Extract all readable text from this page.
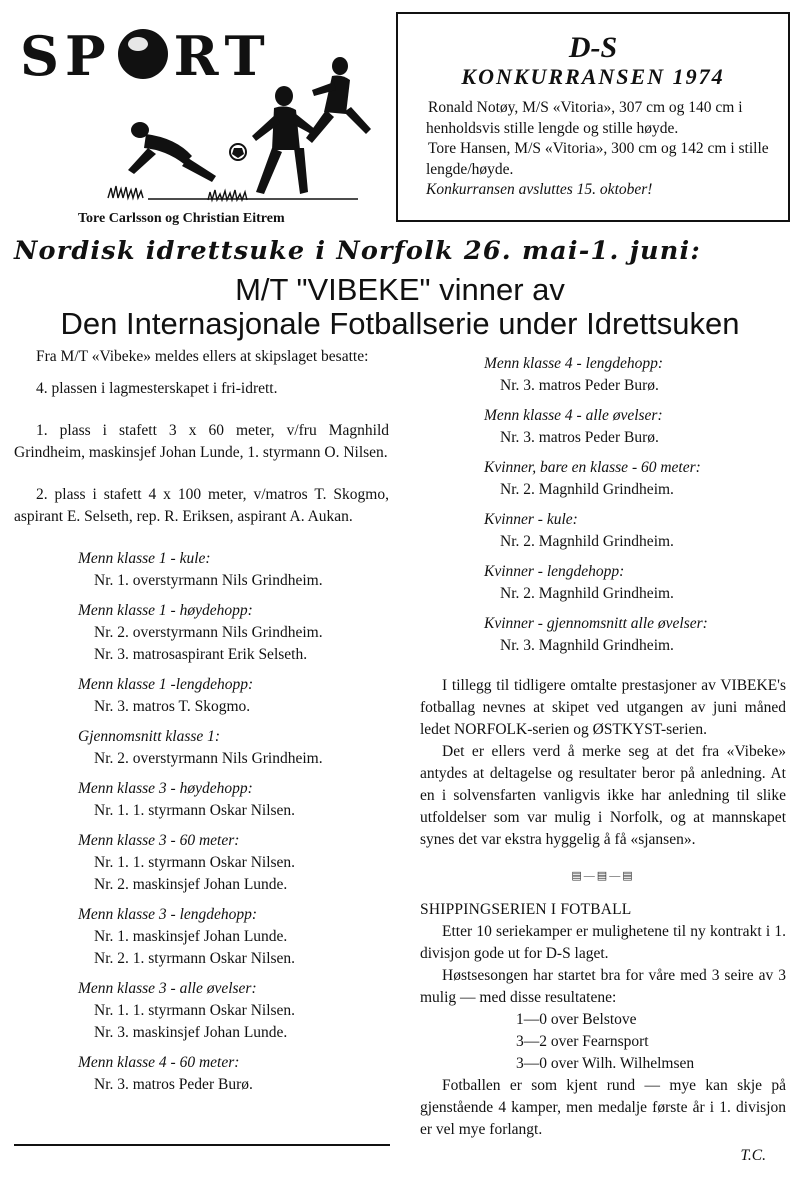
SP RT
Tore Carlsson og Christian Eitrem
D-S
KONKURRANSEN 1974

Ronald Notøy, M/S «Vitoria», 307 cm og 140 cm i henholdsvis stille lengde og stille høyde.

Tore Hansen, M/S «Vitoria», 300 cm og 142 cm i stille lengde/høyde.

Konkurransen avsluttes 15. oktober!

Nordisk idrettsuke i Norfolk 26. mai-1. juni:
M/T "VIBEKE" vinner av
Den Internasjonale Fotballserie under Idrettsuken

Fra M/T «Vibeke» meldes ellers at skipslaget besatte:

4. plassen i lagmesterskapet i fri-idrett.

1. plass i stafett 3 x 60 meter, v/fru Magnhild Grindheim, maskinsjef Johan Lunde, 1. styrmann O. Nilsen.

2. plass i stafett 4 x 100 meter, v/matros T. Skogmo, aspirant E. Selseth, rep. R. Eriksen, aspirant A. Aukan.

Menn klasse 1 - kule:
Nr. 1. overstyrmann Nils Grindheim.
Menn klasse 1 - høydehopp:
Nr. 2. overstyrmann Nils Grindheim.
Nr. 3. matrosaspirant Erik Selseth.
Menn klasse 1 -lengdehopp:
Nr. 3. matros T. Skogmo.
Gjennomsnitt klasse 1:
Nr. 2. overstyrmann Nils Grindheim.
Menn klasse 3 - høydehopp:
Nr. 1. 1. styrmann Oskar Nilsen.
Menn klasse 3 - 60 meter:
Nr. 1. 1. styrmann Oskar Nilsen.
Nr. 2. maskinsjef Johan Lunde.
Menn klasse 3 - lengdehopp:
Nr. 1. maskinsjef Johan Lunde.
Nr. 2. 1. styrmann Oskar Nilsen.
Menn klasse 3 - alle øvelser:
Nr. 1. 1. styrmann Oskar Nilsen.
Nr. 3. maskinsjef Johan Lunde.
Menn klasse 4 - 60 meter:
Nr. 3. matros Peder Burø.
Menn klasse 4 - lengdehopp:
Nr. 3. matros Peder Burø.
Menn klasse 4 - alle øvelser:
Nr. 3. matros Peder Burø.
Kvinner, bare en klasse - 60 meter:
Nr. 2. Magnhild Grindheim.
Kvinner - kule:
Nr. 2. Magnhild Grindheim.
Kvinner - lengdehopp:
Nr. 2. Magnhild Grindheim.
Kvinner - gjennomsnitt alle øvelser:
Nr. 3. Magnhild Grindheim.

I tillegg til tidligere omtalte prestasjoner av VIBEKE's fotballag nevnes at skipet ved utgangen av juni måned ledet NORFOLK-serien og ØSTKYST-serien.

Det er ellers verd å merke seg at det fra «Vibeke» antydes at deltagelse og resultater beror på anledning. At en i solvensfarten vanligvis ikke har anledning til slike utfoldelser som var mulig i Norfolk, og at mannskapet synes det var ekstra hyggelig å få «sjansen».

▤—▤—▤
SHIPPINGSERIEN I FOTBALL

Etter 10 seriekamper er mulighetene til ny kontrakt i 1. divisjon gode ut for D-S laget.

Høstsesongen har startet bra for våre med 3 seire av 3 mulig — med disse resultatene:

1—0 over Belstove
3—2 over Fearnsport
3—0 over Wilh. Wilhelmsen

Fotballen er som kjent rund — mye kan skje på gjenstående 4 kamper, men medalje første år i 1. divisjon er vel mye forlangt.

T.C.
